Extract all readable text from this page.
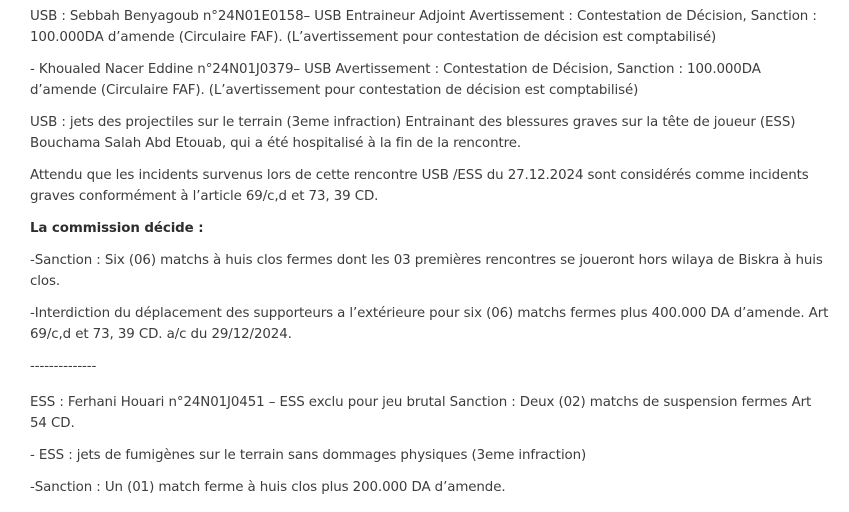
USB : Sebbah Benyagoub n°24N01E0158– USB Entraineur Adjoint Avertissement : Contestation de Décision, Sanction : 100.000DA d’amende (Circulaire FAF). (L’avertissement pour contestation de décision est comptabilisé)

- Khoualed Nacer Eddine n°24N01J0379– USB Avertissement : Contestation de Décision, Sanction : 100.000DA d’amende (Circulaire FAF). (L’avertissement pour contestation de décision est comptabilisé)

USB : jets des projectiles sur le terrain (3eme infraction) Entrainant des blessures graves sur la tête de joueur (ESS) Bouchama Salah Abd Etouab, qui a été hospitalisé à la fin de la rencontre.

Attendu que les incidents survenus lors de cette rencontre USB /ESS du 27.12.2024 sont considérés comme incidents graves conformément à l’article 69/c,d et 73, 39 CD.

La commission décide :

-Sanction : Six (06) matchs à huis clos fermes dont les 03 premières rencontres se joueront hors wilaya de Biskra à huis clos.

-Interdiction du déplacement des supporteurs a l’extérieure pour six (06) matchs fermes plus 400.000 DA d’amende. Art 69/c,d et 73, 39 CD. a/c du 29/12/2024.

--------------

ESS : Ferhani Houari n°24N01J0451 – ESS exclu pour jeu brutal Sanction : Deux (02) matchs de suspension fermes Art 54 CD.

- ESS : jets de fumigènes sur le terrain sans dommages physiques (3eme infraction)

-Sanction : Un (01) match ferme à huis clos plus 200.000 DA d’amende.
